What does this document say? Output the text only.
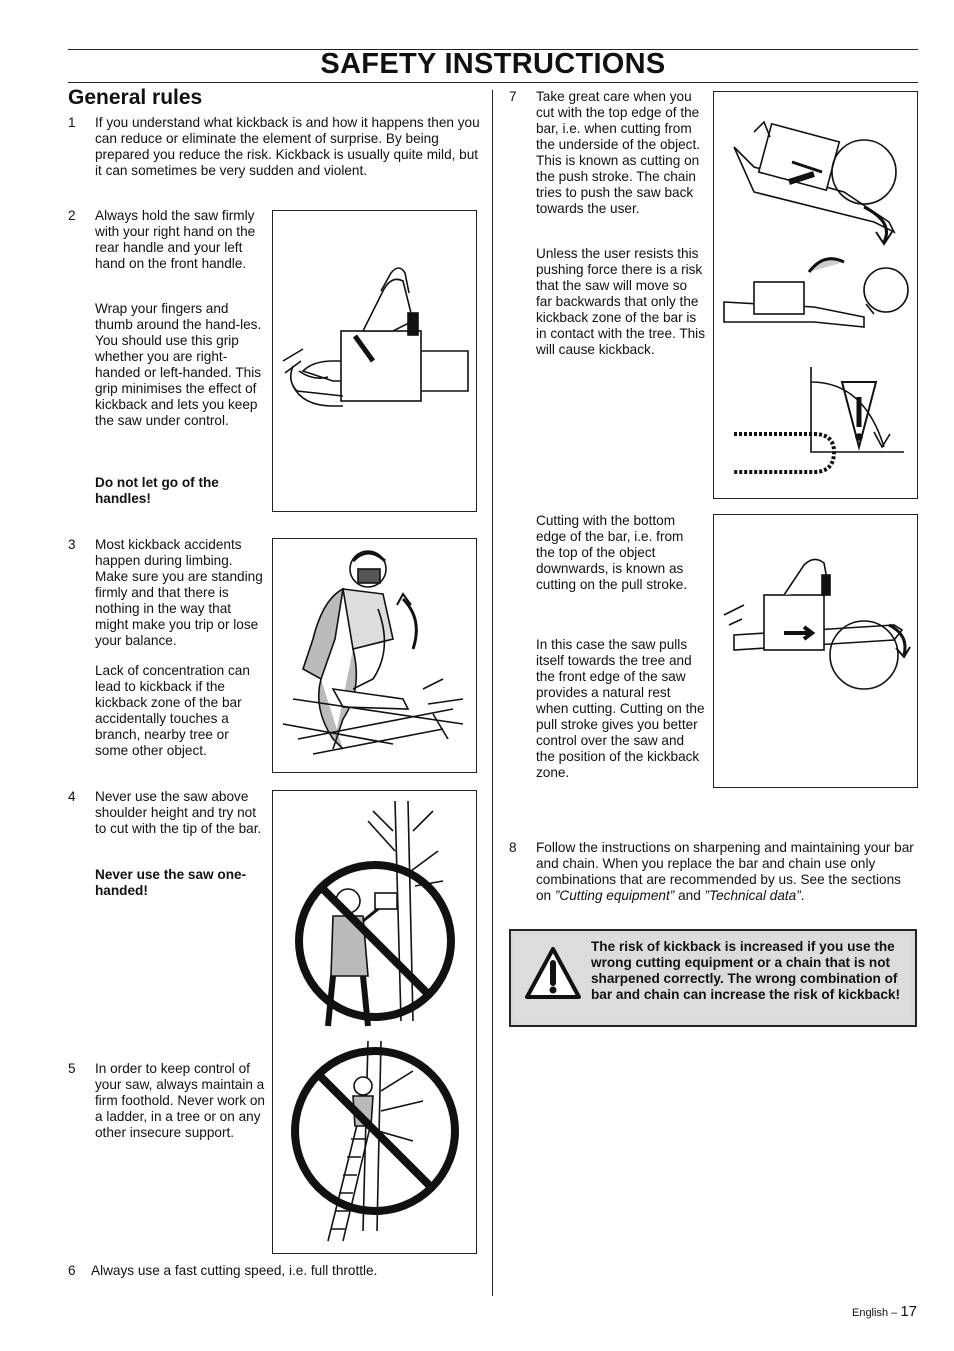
SAFETY INSTRUCTIONS
General rules
1 If you understand what kickback is and how it happens then you can reduce or eliminate the element of surprise. By being prepared you reduce the risk. Kickback is usually quite mild, but it can sometimes be very sudden and violent.
2 Always hold the saw firmly with your right hand on the rear handle and your left hand on the front handle.
Wrap your fingers and thumb around the hand-les. You should use this grip whether you are right-handed or left-handed. This grip minimises the effect of kickback and lets you keep the saw under control.
Do not let go of the handles!
3 Most kickback accidents happen during limbing. Make sure you are standing firmly and that there is nothing in the way that might make you trip or lose your balance.
Lack of concentration can lead to kickback if the kickback zone of the bar accidentally touches a branch, nearby tree or some other object.
4 Never use the saw above shoulder height and try not to cut with the tip of the bar.
Never use the saw one-handed!
5 In order to keep control of your saw, always maintain a firm foothold. Never work on a ladder, in a tree or on any other insecure support.
6 Always use a fast cutting speed, i.e. full throttle.
7 Take great care when you cut with the top edge of the bar, i.e. when cutting from the underside of the object. This is known as cutting on the push stroke. The chain tries to push the saw back towards the user.
Unless the user resists this pushing force there is a risk that the saw will move so far backwards that only the kickback zone of the bar is in contact with the tree. This will cause kickback.
Cutting with the bottom edge of the bar, i.e. from the top of the object downwards, is known as cutting on the pull stroke.
In this case the saw pulls itself towards the tree and the front edge of the saw provides a natural rest when cutting. Cutting on the pull stroke gives you better control over the saw and the position of the kickback zone.
8 Follow the instructions on sharpening and maintaining your bar and chain. When you replace the bar and chain use only combinations that are recommended by us. See the sections on ”Cutting equipment” and ”Technical data”.
The risk of kickback is increased if you use the wrong cutting equipment or a chain that is not sharpened correctly. The wrong combination of bar and chain can increase the risk of kickback!
English – 17
